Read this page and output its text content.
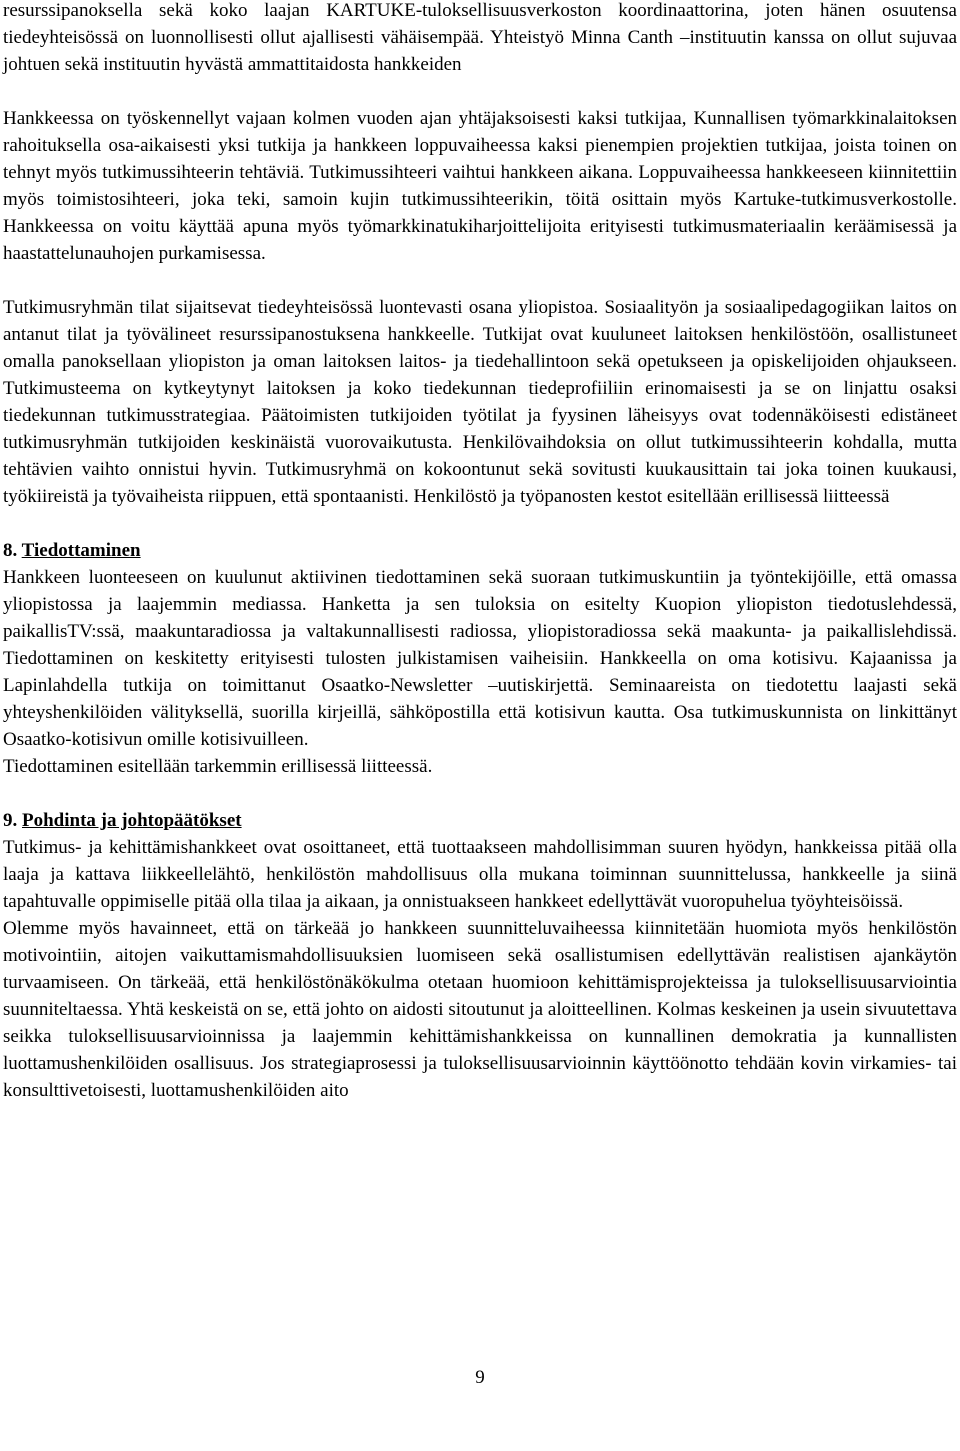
resurssipanoksella sekä koko laajan KARTUKE-tuloksellisuusverkoston koordinaattorina, joten hänen osuutensa tiedeyhteisössä on luonnollisesti ollut ajallisesti vähäisempää. Yhteistyö Minna Canth –instituutin kanssa on ollut sujuvaa johtuen sekä instituutin hyvästä ammattitaidosta hankkeiden

Hankkeessa on työskennellyt vajaan kolmen vuoden ajan yhtäjaksoisesti kaksi tutkijaa, Kunnallisen työmarkkinalaitoksen rahoituksella osa-aikaisesti yksi tutkija ja hankkeen loppuvaiheessa kaksi pienempien projektien tutkijaa, joista toinen on tehnyt myös tutkimussihteerin tehtäviä. Tutkimussihteeri vaihtui hankkeen aikana. Loppuvaiheessa hankkeeseen kiinnitettiin myös toimistosihteeri, joka teki, samoin kujin tutkimussihteerikin, töitä osittain myös Kartuke-tutkimusverkostolle. Hankkeessa on voitu käyttää apuna myös työmarkkinatukiharjoittelijoita erityisesti tutkimusmateriaalin keräämisessä ja haastattelunauhojen purkamisessa.

Tutkimusryhmän tilat sijaitsevat tiedeyhteisössä luontevasti osana yliopistoa. Sosiaalityön ja sosiaalipedagogiikan laitos on antanut tilat ja työvälineet resurssipanostuksena hankkeelle. Tutkijat ovat kuuluneet laitoksen henkilöstöön, osallistuneet omalla panoksellaan yliopiston ja oman laitoksen laitos- ja tiedehallintoon sekä opetukseen ja opiskelijoiden ohjaukseen. Tutkimusteema on kytkeytynyt laitoksen ja koko tiedekunnan tiedeprofiiliin erinomaisesti ja se on linjattu osaksi tiedekunnan tutkimusstrategiaa. Päätoimisten tutkijoiden työtilat ja fyysinen läheisyys ovat todennäköisesti edistäneet tutkimusryhmän tutkijoiden keskinäistä vuorovaikutusta. Henkilövaihdoksia on ollut tutkimussihteerin kohdalla, mutta tehtävien vaihto onnistui hyvin. Tutkimusryhmä on kokoontunut sekä sovitusti kuukausittain tai joka toinen kuukausi, työkiireistä ja työvaiheista riippuen, että spontaanisti. Henkilöstö ja työpanosten kestot esitellään erillisessä liitteessä

8. Tiedottaminen

Hankkeen luonteeseen on kuulunut aktiivinen tiedottaminen sekä suoraan tutkimuskuntiin ja työntekijöille, että omassa yliopistossa ja laajemmin mediassa. Hanketta ja sen tuloksia on esitelty Kuopion yliopiston tiedotuslehdessä, paikallisTV:ssä, maakuntaradiossa ja valtakunnallisesti radiossa, yliopistoradiossa sekä maakunta- ja paikallislehdissä. Tiedottaminen on keskitetty erityisesti tulosten julkistamisen vaiheisiin. Hankkeella on oma kotisivu. Kajaanissa ja Lapinlahdella tutkija on toimittanut Osaatko-Newsletter –uutiskirjettä. Seminaareista on tiedotettu laajasti sekä yhteyshenkilöiden välityksellä, suorilla kirjeillä, sähköpostilla että kotisivun kautta. Osa tutkimuskunnista on linkittänyt Osaatko-kotisivun omille kotisivuilleen.

Tiedottaminen esitellään tarkemmin erillisessä liitteessä.

9. Pohdinta ja johtopäätökset

Tutkimus- ja kehittämishankkeet ovat osoittaneet, että tuottaakseen mahdollisimman suuren hyödyn, hankkeissa pitää olla laaja ja kattava liikkeellelähtö, henkilöstön mahdollisuus olla mukana toiminnan suunnittelussa, hankkeelle ja siinä tapahtuvalle oppimiselle pitää olla tilaa ja aikaan, ja onnistuakseen hankkeet edellyttävät vuoropuhelua työyhteisöissä.

Olemme myös havainneet, että on tärkeää jo hankkeen suunnitteluvaiheessa kiinnitetään huomiota myös henkilöstön motivointiin, aitojen vaikuttamismahdollisuuksien luomiseen sekä osallistumisen edellyttävän realistisen ajankäytön turvaamiseen. On tärkeää, että henkilöstönäkökulma otetaan huomioon kehittämisprojekteissa ja tuloksellisuusarviointia suunniteltaessa. Yhtä keskeistä on se, että johto on aidosti sitoutunut ja aloitteellinen. Kolmas keskeinen ja usein sivuutettava seikka tuloksellisuusarvioinnissa ja laajemmin kehittämishankkeissa on kunnallinen demokratia ja kunnallisten luottamushenkilöiden osallisuus. Jos strategiaprosessi ja tuloksellisuusarvioinnin käyttöönotto tehdään kovin virkamies- tai konsulttivetoisesti, luottamushenkilöiden aito

9
